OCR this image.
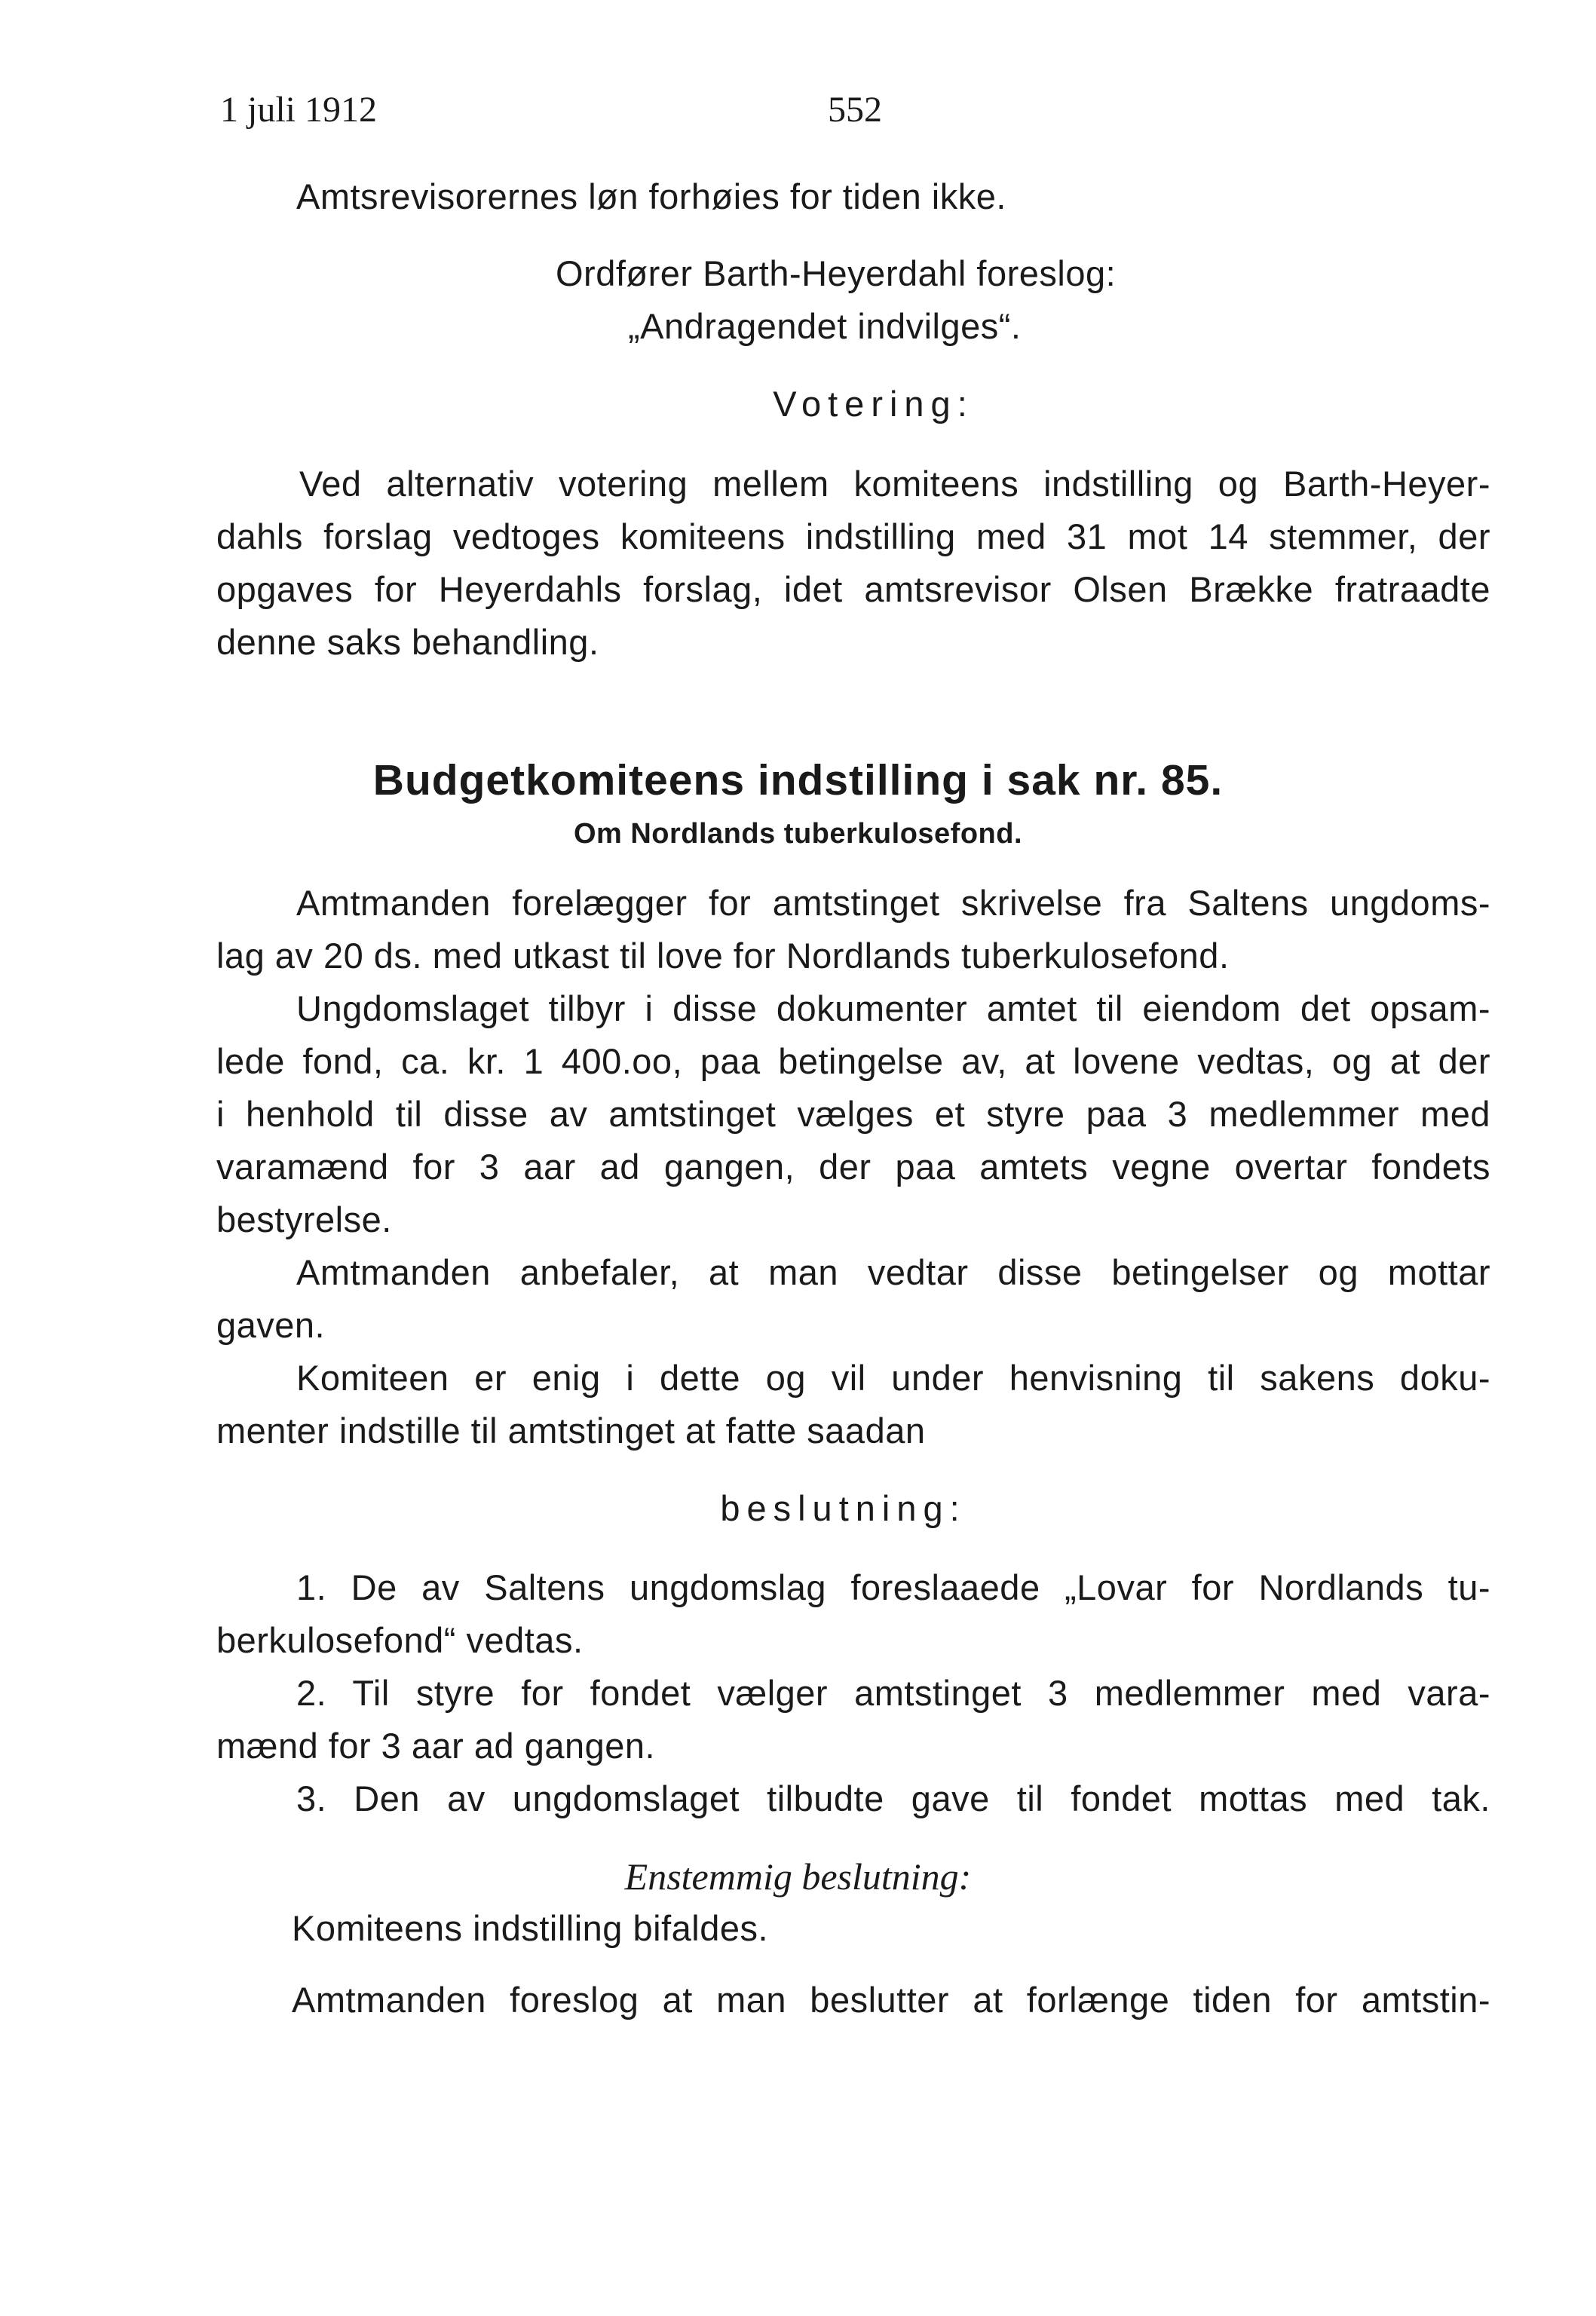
1 juli 1912	552
Amtsrevisorernes løn forhøies for tiden ikke.
Ordfører Barth-Heyerdahl foreslog:
„Andragendet indvilges“.
Votering:
Ved alternativ votering mellem komiteens indstilling og Barth-Heyer-
dahls forslag vedtoges komiteens indstilling med 31 mot 14 stemmer, der
opgaves for Heyerdahls forslag, idet amtsrevisor Olsen Brække fratraadte
denne saks behandling.
Budgetkomiteens indstilling i sak nr. 85.
Om Nordlands tuberkulosefond.
Amtmanden forelægger for amtstinget skrivelse fra Saltens ungdoms-
lag av 20 ds. med utkast til love for Nordlands tuberkulosefond.
Ungdomslaget tilbyr i disse dokumenter amtet til eiendom det opsam-
lede fond, ca. kr. 1 400.oo, paa betingelse av, at lovene vedtas, og at der
i henhold til disse av amtstinget vælges et styre paa 3 medlemmer med
varamænd for 3 aar ad gangen, der paa amtets vegne overtar fondets
bestyrelse.
Amtmanden anbefaler, at man vedtar disse betingelser og mottar
gaven.
Komiteen er enig i dette og vil under henvisning til sakens doku-
menter indstille til amtstinget at fatte saadan
beslutning:
1. De av Saltens ungdomslag foreslaaede „Lovar for Nordlands tu-
berkulosefond“ vedtas.
2. Til styre for fondet vælger amtstinget 3 medlemmer med vara-
mænd for 3 aar ad gangen.
3. Den av ungdomslaget tilbudte gave til fondet mottas med tak.
Enstemmig beslutning:
Komiteens indstilling bifaldes.
Amtmanden foreslog at man beslutter at forlænge tiden for amtstin-
